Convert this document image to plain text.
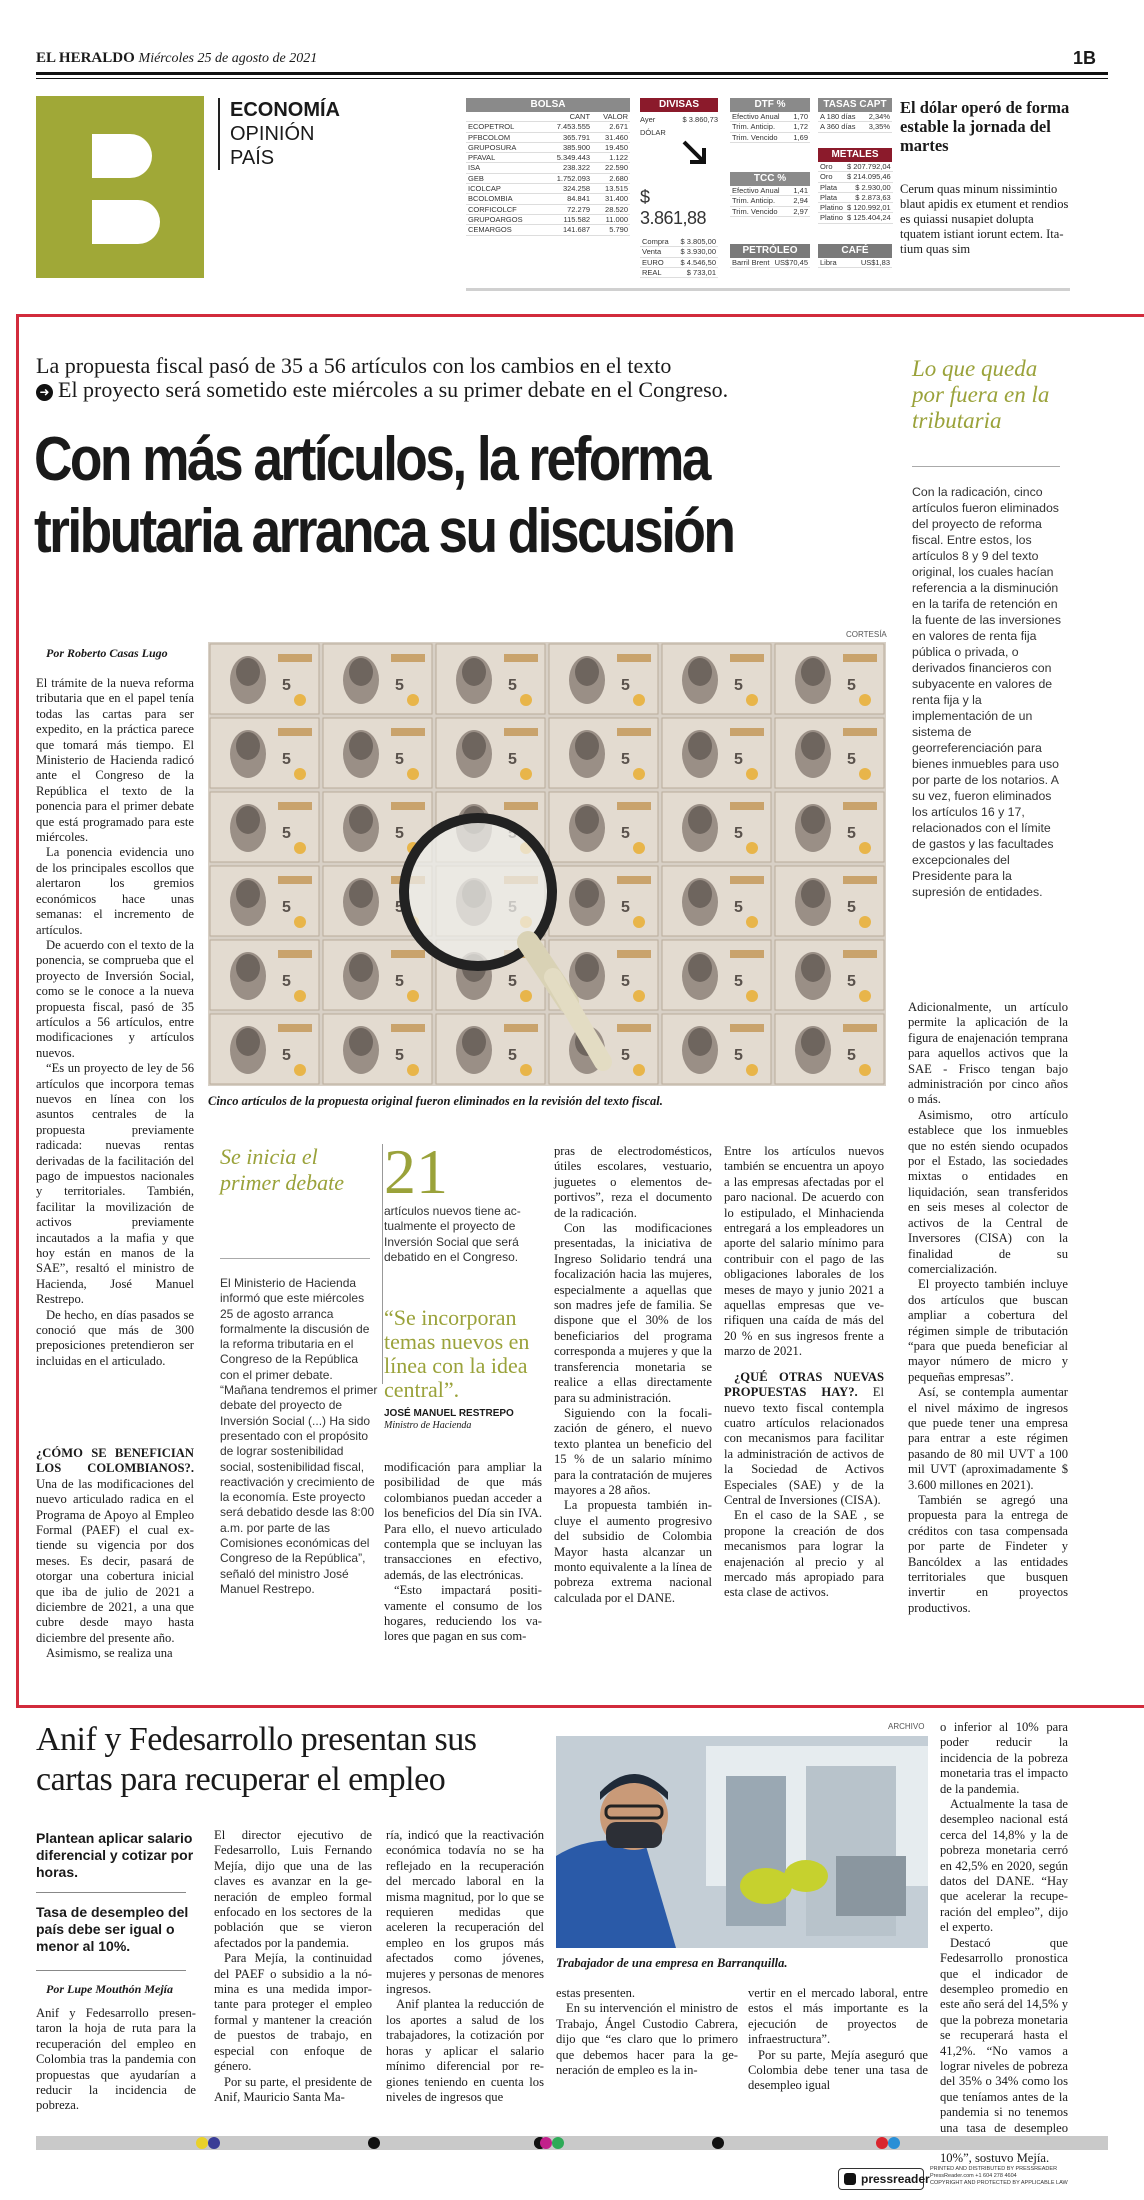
EL HERALDO Miércoles 25 de agosto de 2021	1B
ECONOMÍA
OPINIÓN
PAÍS
BOLSA
	CANT	VALOR
ECOPETROL	7.453.555	2.671
PFBCOLOM	365.791	31.460
GRUPOSURA	385.900	19.450
PFAVAL	5.349.443	1.122
ISA	238.322	22.590
GEB	1.752.093	2.680
ICOLCAP	324.258	13.515
BCOLOMBIA	84.841	31.400
CORFICOLCF	72.279	28.520
GRUPOARGOS	115.582	11.000
CEMARGOS	141.687	5.790
DIVISAS
Ayer	$ 3.860,73
DÓLAR
$ 3.861,88
Compra	$ 3.805,00
Venta	$ 3.930,00
EURO	$ 4.546,50
REAL	$ 733,01
DTF %
Efectivo Anual	1,70
Trim. Anticip.	1,72
Trim. Vencido	1,69
TCC %
Efectivo Anual	1,41
Trim. Anticip.	2,94
Trim. Vencido	2,97
PETRÓLEO
Barril Brent	US$70,45
TASAS CAPT
A 180 días	2,34%
A 360 días	3,35%
METALES
Oro	$ 207.792,04
Oro	$ 214.095,46
Plata	$ 2.930,00
Plata	$ 2.873,63
Platino	$ 120.992,01
Platino	$ 125.404,24
CAFÉ
Libra	US$1,83
El dólar operó de forma estable la jornada del martes
Cerum quas minum nissimintio blaut apidis ex etument et rendios es quiassi nusapiet dolupta tquatem istiant iorunt ectem. Itatium quas sim
La propuesta fiscal pasó de 35 a 56 artículos con los cambios en el texto
➜ El proyecto será sometido este miércoles a su primer debate en el Congreso.
Con más artículos, la reforma
tributaria arranca su discusión
Lo que queda por fuera en la tributaria
Con la radicación, cinco artículos fueron eliminados del proyecto de reforma fiscal. Entre estos, los artículos 8 y 9 del texto original, los cuales hacían referencia a la disminución en la tarifa de retención en la fuente de las inversiones en valores de renta fija pública o privada, o derivados financieros con subyacente en valores de renta fija y la implementación de un sistema de georreferenciación para bienes inmuebles para uso por parte de los notarios. A su vez, fueron eliminados los artículos 16 y 17, relacionados con el límite de gastos y las facultades excepcionales del Presidente para la supresión de entidades.
Por Roberto Casas Lugo
CORTESÍA
Cinco artículos de la propuesta original fueron eliminados en la revisión del texto fiscal.

El trámite de la nueva reforma tributaria que en el papel tenía todas las cartas para ser expedito, en la práctica parece que tomará más tiempo. El Ministerio de Hacienda radicó ante el Congreso de la República el texto de la ponencia para el primer debate que está programado para este miércoles.

La ponencia evidencia uno de los principales escollos que alertaron los gremios económicos hace unas semanas: el incremento de artículos.

De acuerdo con el texto de la ponencia, se comprueba que el proyecto de Inversión Social, como se le conoce a la nueva propuesta fiscal, pasó de 35 artículos a 56 artículos, entre modificaciones y artículos nuevos.

“Es un proyecto de ley de 56 artículos que incorpora temas nuevos en línea con los asuntos centrales de la propuesta previamente radicada: nuevas rentas derivadas de la facilitación del pago de impuestos nacionales y territoriales. También, facilitar la movilización de activos previamente incautados a la mafia y que hoy están en manos de la SAE”, resaltó el ministro de Hacienda, José Manuel Restrepo.

De hecho, en días pasados se conoció que más de 300 preposiciones pretendieron ser incluidas en el articulado.

¿CÓMO SE BENEFICIAN LOS COLOMBIANOS?. Una de las modificaciones del nuevo articulado radica en el Programa de Apoyo al Empleo Formal (PAEF) el cual extiende su vigencia por dos meses. Es decir, pasará de otorgar una cobertura inicial que iba de julio de 2021 a diciembre de 2021, a una que cubre desde mayo hasta diciembre del presente año.

Asimismo, se realiza una

Se inicia el primer debate
El Ministerio de Hacienda informó que este miércoles 25 de agosto arranca formalmente la discusión de la reforma tributaria en el Congreso de la República con el primer debate. “Mañana tendremos el primer debate del proyecto de Inversión Social (...) Ha sido presentado con el propósito de lograr sostenibilidad social, sostenibilidad fiscal, reactivación y crecimiento de la economía. Este proyecto será debatido desde las 8:00 a.m. por parte de las Comisiones económicas del Congreso de la República”, señaló del ministro José Manuel Restrepo.
21
artículos nuevos tiene actualmente el proyecto de Inversión Social que será debatido en el Congreso.
“Se incorporan temas nuevos en línea con la idea central”.
JOSÉ MANUEL RESTREPO
Ministro de Hacienda

modificación para ampliar la posibilidad de que más colombianos puedan acceder a los beneficios del Día sin IVA. Para ello, el nuevo articulado contempla que se incluyan las transacciones en efectivo, además, de las electrónicas.

“Esto impactará positivamente el consumo de los hogares, reduciendo los valores que pagan en sus com-

pras de electrodomésticos, útiles escolares, vestuario, juguetes o elementos deportivos”, reza el documento de la radicación.

Con las modificaciones presentadas, la iniciativa de Ingreso Solidario tendrá una focalización hacia las mujeres, especialmente a aquellas que son madres jefe de familia. Se dispone que el 30% de los beneficiarios del programa corresponda a mujeres y que la transferencia monetaria se realice a ellas directamente para su administración.

Siguiendo con la focalización de género, el nuevo texto plantea un beneficio del 15 % de un salario mínimo para la contratación de mujeres mayores a 28 años.

La propuesta también incluye el aumento progresivo del subsidio de Colombia Mayor hasta alcanzar un monto equivalente a la línea de pobreza extrema nacional calculada por el DANE.

Entre los artículos nuevos también se encuentra un apoyo a las empresas afectadas por el paro nacional. De acuerdo con lo estipulado, el Minhacienda entregará a los empleadores un aporte del salario mínimo para contribuir con el pago de las obligaciones laborales de los meses de mayo y junio 2021 a aquellas empresas que verifiquen una caída de más del 20 % en sus ingresos frente a marzo de 2021.

¿QUÉ OTRAS NUEVAS PROPUESTAS HAY?. El nuevo texto fiscal contempla cuatro artículos relacionados con mecanismos para facilitar la administración de activos de la Sociedad de Activos Especiales (SAE) y de la Central de Inversiones (CISA).

En el caso de la SAE , se propone la creación de dos mecanismos para lograr la enajenación al precio y al mercado más apropiado para esta clase de activos.

Adicionalmente, un artículo permite la aplicación de la figura de enajenación temprana para aquellos activos que la SAE - Frisco tengan bajo administración por cinco años o más.

Asimismo, otro artículo establece que los inmuebles que no estén siendo ocupados por el Estado, las sociedades mixtas o entidades en liquidación, sean transferidos en seis meses al colector de activos de la Central de Inversores (CISA) con la finalidad de su comercialización.

El proyecto también incluye dos artículos que buscan ampliar a cobertura del régimen simple de tributación “para que pueda beneficiar al mayor número de micro y pequeñas empresas”.

Así, se contempla aumentar el nivel máximo de ingresos que puede tener una empresa para entrar a este régimen pasando de 80 mil UVT a 100 mil UVT (aproximadamente $ 3.600 millones en 2021).

También se agregó una propuesta para la entrega de créditos con tasa compensada por parte de Findeter y Bancóldex a las entidades territoriales que busquen invertir en proyectos productivos.

Anif y Fedesarrollo presentan sus cartas para recuperar el empleo
Plantean aplicar salario diferencial y cotizar por horas.
Tasa de desempleo del país debe ser igual o menor al 10%.
Por Lupe Mouthón Mejía

Anif y Fedesarrollo presentaron la hoja de ruta para la recuperación del empleo en Colombia tras la pandemia con propuestas que ayudarían a reducir la incidencia de pobreza.

El director ejecutivo de Fedesarrollo, Luis Fernando Mejía, dijo que una de las claves es avanzar en la generación de empleo formal enfocado en los sectores de la población que se vieron afectados por la pandemia.

Para Mejía, la continuidad del PAEF o subsidio a la nómina es una medida importante para proteger el empleo formal y mantener la creación de puestos de trabajo, en especial con enfoque de género.

Por su parte, el presidente de Anif, Mauricio Santa Ma-

ría, indicó que la reactivación económica todavía no se ha reflejado en la recuperación del mercado laboral en la misma magnitud, por lo que se requieren medidas que aceleren la recuperación del empleo en los grupos más afectados como jóvenes, mujeres y personas de menores ingresos.

Anif plantea la reducción de los aportes a salud de los trabajadores, la cotización por horas y aplicar el salario mínimo diferencial por regiones teniendo en cuenta los niveles de ingresos que

ARCHIVO
Trabajador de una empresa en Barranquilla.

estas presenten.

En su intervención el ministro de Trabajo, Ángel Custodio Cabrera, dijo que “es claro que lo primero que debemos hacer para la generación de empleo es la in-

vertir en el mercado laboral, entre estos el más importante es la ejecución de proyectos de infraestructura”.

Por su parte, Mejía aseguró que Colombia debe tener una tasa de desempleo igual

o inferior al 10% para poder reducir la incidencia de la pobreza monetaria tras el impacto de la pandemia.

Actualmente la tasa de desempleo nacional está cerca del 14,8% y la de pobreza monetaria cerró en 42,5% en 2020, según datos del DANE. “Hay que acelerar la recuperación del empleo”, dijo el experto.

Destacó que Fedesarrollo pronostica que el indicador de desempleo promedio en este año será del 14,5% y que la pobreza monetaria se recuperará hasta el 41,2%. “No vamos a lograr niveles de pobreza del 35% o 34% como los que teníamos antes de la pandemia si no tenemos una tasa de desempleo 10%”, sostuvo Mejía.

pressreader
PRINTED AND DISTRIBUTED BY PRESSREADER
PressReader.com +1 604 278 4604
COPYRIGHT AND PROTECTED BY APPLICABLE LAW
